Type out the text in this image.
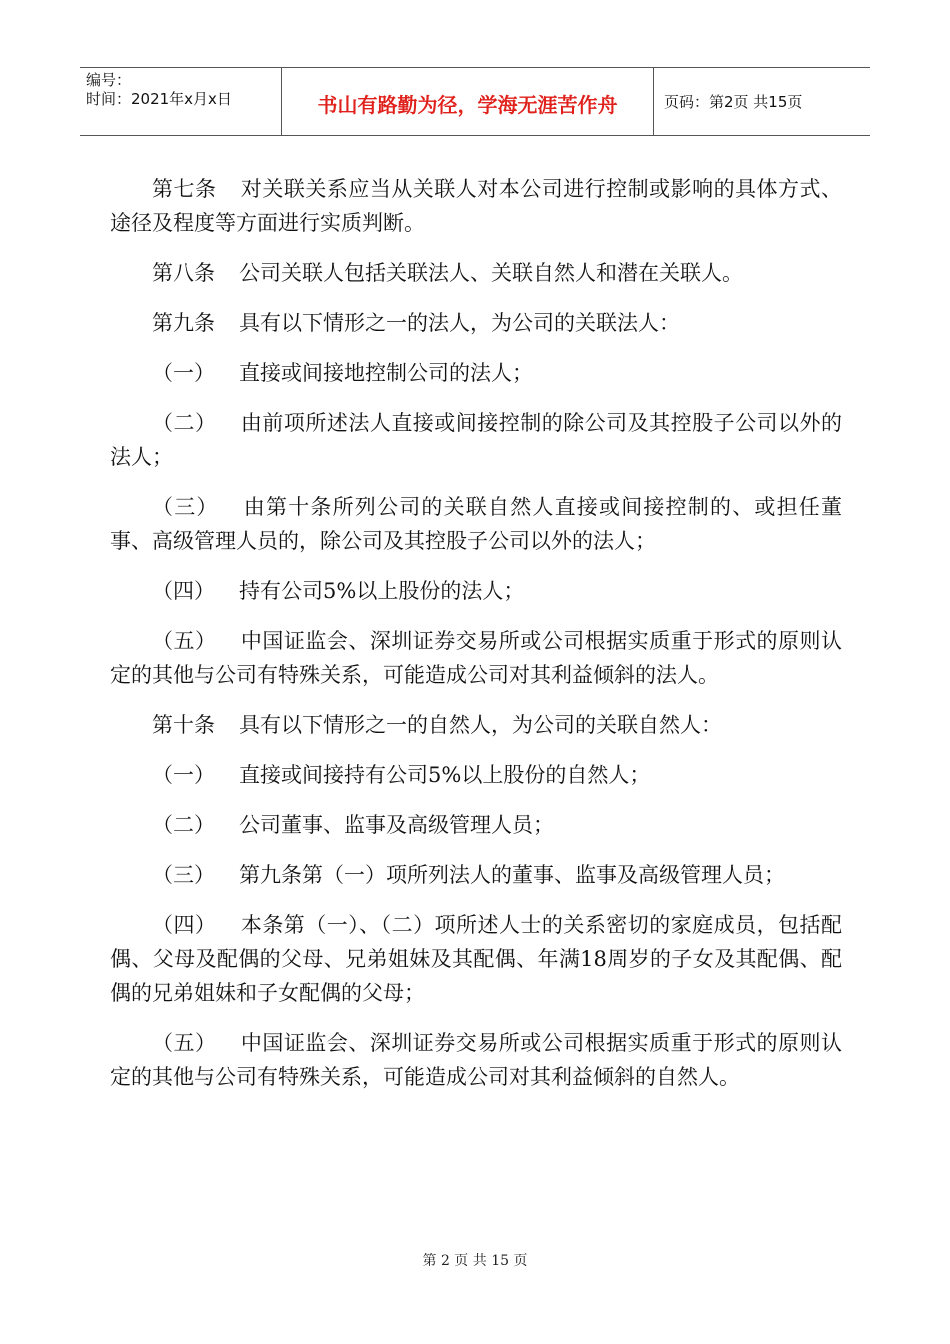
编号：
时间：2021年x月x日	书山有路勤为径，学海无涯苦作舟	页码：第2页 共15页

第七条 对关联关系应当从关联人对本公司进行控制或影响的具体方式、途径及程度等方面进行实质判断。

第八条 公司关联人包括关联法人、关联自然人和潜在关联人。

第九条 具有以下情形之一的法人，为公司的关联法人：

（一） 直接或间接地控制公司的法人；

（二） 由前项所述法人直接或间接控制的除公司及其控股子公司以外的法人；

（三） 由第十条所列公司的关联自然人直接或间接控制的、或担任董事、高级管理人员的，除公司及其控股子公司以外的法人；

（四） 持有公司5%以上股份的法人；

（五） 中国证监会、深圳证券交易所或公司根据实质重于形式的原则认定的其他与公司有特殊关系，可能造成公司对其利益倾斜的法人。

第十条 具有以下情形之一的自然人，为公司的关联自然人：

（一） 直接或间接持有公司5%以上股份的自然人；

（二） 公司董事、监事及高级管理人员；

（三） 第九条第（一）项所列法人的董事、监事及高级管理人员；

（四） 本条第（一）、（二）项所述人士的关系密切的家庭成员，包括配偶、父母及配偶的父母、兄弟姐妹及其配偶、年满18周岁的子女及其配偶、配偶的兄弟姐妹和子女配偶的父母；

（五） 中国证监会、深圳证券交易所或公司根据实质重于形式的原则认定的其他与公司有特殊关系，可能造成公司对其利益倾斜的自然人。

第 2 页 共 15 页
